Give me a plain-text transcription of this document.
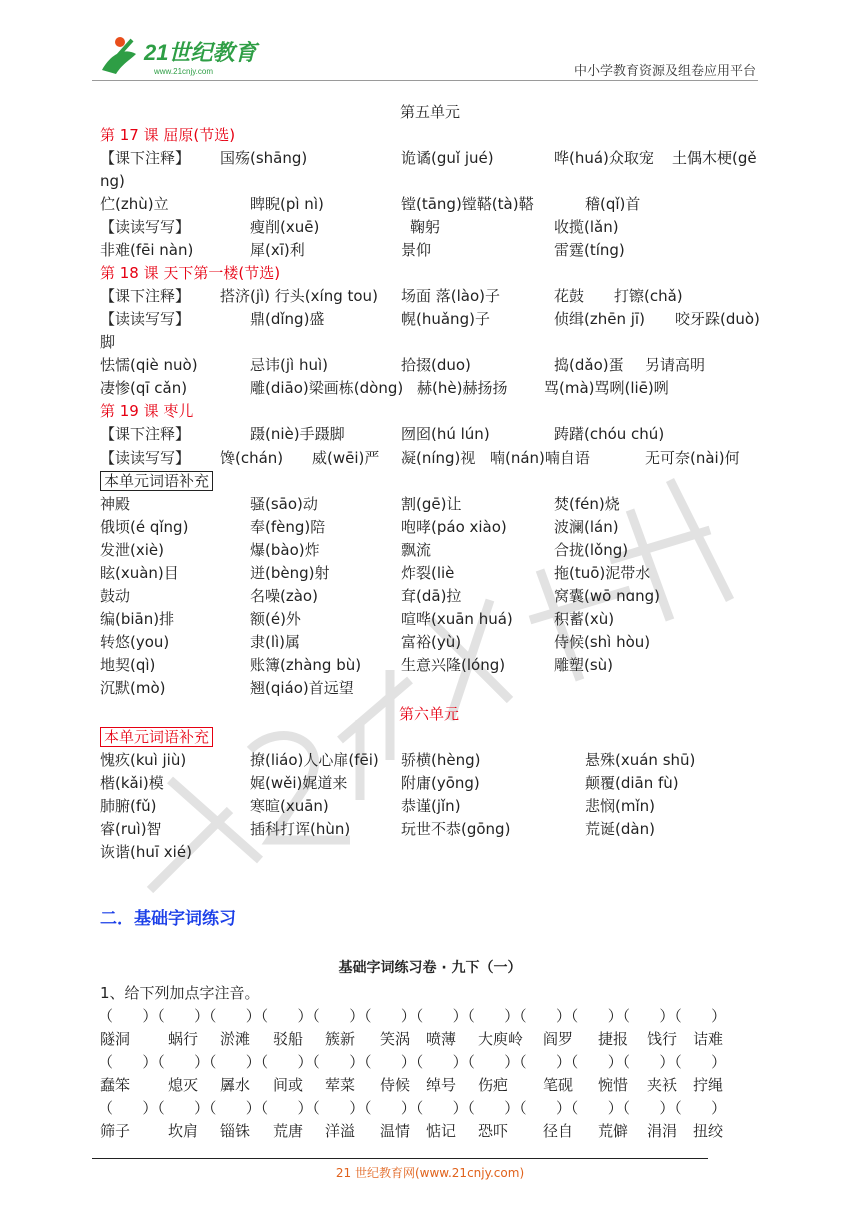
21世纪教育
www.21cnjy.com	中小学教育资源及组卷应用平台
第五单元
第 17 课 屈原(节选)
【课下注释】 国殇(shāng)	诡谲(guǐ jué)	哗(huá)众取宠 土偶木梗(gě
ng)
伫(zhù)立	睥睨(pì nì)	镗(tāng)镗鞳(tà)鞳	稽(qǐ)首
【读读写写】	瘦削(xuē)	鞠躬	收揽(lǎn)
非难(fēi nàn)	犀(xī)利	景仰	雷霆(tíng)
第 18 课 天下第一楼(节选)
【课下注释】 搭济(jì) 行头(xíng tou) 场面 落(lào)子	花鼓 打镲(chǎ)
【读读写写】	鼎(dǐng)盛	幌(huǎng)子	侦缉(zhēn jī) 咬牙跺(duò)
脚
怯懦(qiè nuò)	忌讳(jì huì)	拾掇(duo)	捣(dǎo)蛋 另请高明
凄惨(qī cǎn)	雕(diāo)梁画栋(dòng) 赫(hè)赫扬扬 骂(mà)骂咧(liē)咧
第 19 课 枣儿
【课下注释】	蹑(niè)手蹑脚	囫囵(hú lún)	踌躇(chóu chú)
【读读写写】 馋(chán) 威(wēi)严 凝(níng)视 喃(nán)喃自语	无可奈(nài)何
本单元词语补充
神殿	骚(sāo)动	割(gē)让	焚(fén)烧
俄顷(é qǐng)	奉(fèng)陪	咆哮(páo xiào)	波澜(lán)
发泄(xiè)	爆(bào)炸	飘流	合拢(lǒng)
眩(xuàn)目	迸(bèng)射	炸裂(liè	拖(tuō)泥带水
鼓动	名噪(zào)	耷(dā)拉	窝囊(wō nɑng)
编(biān)排	额(é)外	喧哗(xuān huá)	积蓄(xù)
转悠(you)	隶(lì)属	富裕(yù)	侍候(shì hòu)
地契(qì)	账簿(zhàng bù)	生意兴隆(lóng)	雕塑(sù)
沉默(mò)	翘(qiáo)首远望
第六单元
本单元词语补充
愧疚(kuì jiù)	撩(liáo)人心扉(fēi) 骄横(hèng)	悬殊(xuán shū)
楷(kǎi)模	娓(wěi)娓道来	附庸(yōng)	颠覆(diān fù)
肺腑(fǔ)	寒暄(xuān)	恭谨(jǐn)	悲悯(mǐn)
睿(ruì)智	插科打诨(hùn)	玩世不恭(gōng)	荒诞(dàn)
诙谐(huī xié)
二．基础字词练习
基础字词练习卷 · 九下（一）
1、给下列加点字注音。
（　　）（　　）（　　）（　　）（　　）（　　）（　　）（　　）（　　）（　　）（　　）（　　）
隧洞	蜗行 淤滩 驳船 簇新 笑涡 喷薄 大庾岭 阎罗 捷报 饯行 诘难
（　　）（　　）（　　）（　　）（　　）（　　）（　　）（　　）（　　）（　　）（　　）（　　）
蠢笨	熄灭 羼水 间或 荤菜 侍候 绰号 伤疤 笔砚 惋惜 夹袄 拧绳
（　　）（　　）（　　）（　　）（　　）（　　）（　　）（　　）（　　）（　　）（　　）（　　）
筛子	坎肩 锱铢 荒唐 洋溢 温情 惦记 恐吓 径自 荒僻 涓涓 扭绞
21 世纪教育网(www.21cnjy.com)
